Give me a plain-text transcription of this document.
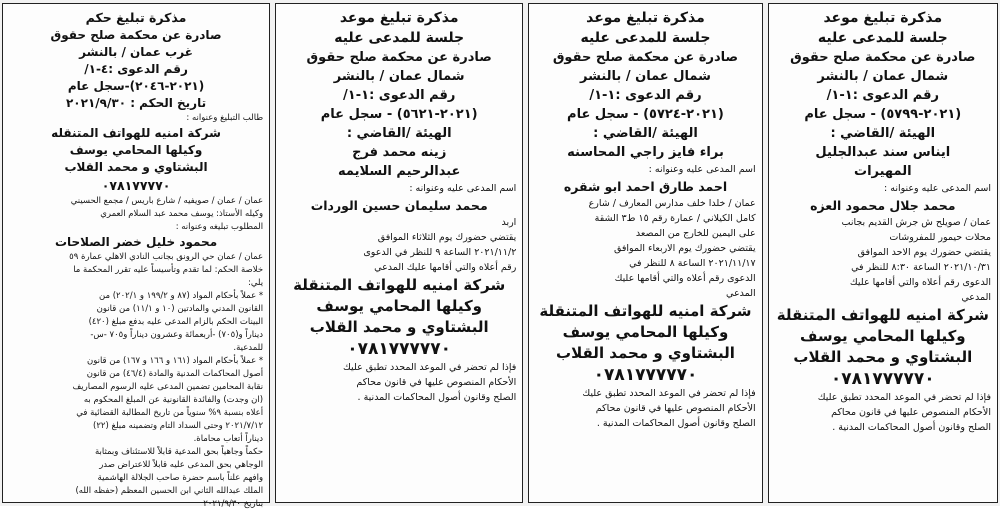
مذكرة تبليغ موعد
جلسة للمدعى عليه
صادرة عن محكمة صلح حقوق
شمال عمان / بالنشر
رقم الدعوى :١-١/
(٢٠٢١-٥٧٩٩) - سجل عام
الهيئة /القاضي :
ايناس سند عبدالجليل
المهيرات
اسم المدعى عليه وعنوانه :
محمد جلال محمود العزه
عمان / صويلح ش جرش القديم بجانب
محلات حيمور للمفروشات
يقتضي حضورك يوم الاحد الموافق
٢٠٢١/١٠/٣١ الساعة ٨:٣٠ للنظر في
الدعوى رقم أعلاه والتي أقامها عليك
المدعي
شركة امنيه للهواتف المتنقلة
وكيلها المحامي يوسف
البشتاوي و محمد القلاب
٠٧٨١٧٧٧٧٧٠
فإذا لم تحضر في الموعد المحدد تطبق عليك
الأحكام المنصوص عليها في قانون محاكم
الصلح وقانون أصول المحاكمات المدنية .
مذكرة تبليغ موعد
جلسة للمدعى عليه
صادرة عن محكمة صلح حقوق
شمال عمان / بالنشر
رقم الدعوى :١-١/
(٢٠٢١-٥٧٢٤) - سجل عام
الهيئة /القاضي :
براء فايز راجي المحاسنه
اسم المدعى عليه وعنوانه :
احمد طارق احمد ابو شقره
عمان / خلدا خلف مدارس المعارف / شارع
كامل الكيلاني / عمارة رقم ١٥ ط٣ الشقة
على اليمين للخارج من المصعد
يقتضي حضورك يوم الاربعاء الموافق
٢٠٢١/١١/١٧ الساعة ٨ للنظر في
الدعوى رقم أعلاه والتي أقامها عليك
المدعي
شركة امنيه للهواتف المتنقلة
وكيلها المحامي يوسف
البشتاوي و محمد القلاب
٠٧٨١٧٧٧٧٧٠
فإذا لم تحضر في الموعد المحدد تطبق عليك
الأحكام المنصوص عليها في قانون محاكم
الصلح وقانون أصول المحاكمات المدنية .
مذكرة تبليغ موعد
جلسة للمدعى عليه
صادرة عن محكمة صلح حقوق
شمال عمان / بالنشر
رقم الدعوى :١-١/
(٢٠٢١-٥٦٢١) - سجل عام
الهيئة /القاضي :
زينه محمد فرج
عبدالرحيم السلايمه
اسم المدعى عليه وعنوانه :
محمد سليمان حسين الوردات
اربد
يقتضي حضورك يوم الثلاثاء الموافق
٢٠٢١/١١/٢ الساعة ٩ للنظر في الدعوى
رقم أعلاه والتي أقامها عليك المدعي
شركة امنيه للهواتف المتنقلة
وكيلها المحامي يوسف
البشتاوي و محمد القلاب
٠٧٨١٧٧٧٧٧٠
فإذا لم تحضر في الموعد المحدد تطبق عليك
الأحكام المنصوص عليها في قانون محاكم
الصلح وقانون أصول المحاكمات المدنية .
مذكرة تبليغ حكم
صادرة عن محكمة صلح حقوق
غرب عمان / بالنشر
رقم الدعوى :٤-١/
(٢٠٢١-٢٠٤٦)-سجل عام
تاريخ الحكم : ٢٠٢١/٩/٣٠
طالب التبليغ وعنوانه :
شركة امنيه للهواتف المتنقله
وكيلها المحامي يوسف
البشتاوي و محمد القلاب
٠٧٨١٧٧٧٧٠
عمان / عمان / صويفيه / شارع باريس / مجمع الحسيني
وكيله الأستاذ: يوسف محمد عبد السلام العمري
المطلوب تبليغه وعنوانه :
محمود خليل خضر الصلاحات
عمان / عمان حي الرونق بجانب النادي الاهلي عمارة ٥٩
خلاصة الحكم: لما تقدم وتأسيساً عليه تقرر المحكمة ما
يلي:
* عملاً بأحكام المواد (٨٧ و ١٩٩/٢ و ٢٠٢/١) من
القانون المدني والمادتين (١٠ و ١١/١) من قانون
البينات الحكم بالزام المدعى عليه بدفع مبلغ (٤٢٠)
ديناراً و(٧٠٥) -أربعمائة وعشرون ديناراً و٧٠٥ -س-
للمدعية.
* عملاً بأحكام المواد (١٦١ و ١٦٦ و ١٦٧) من قانون
أصول المحاكمات المدنية والمادة (٤٦/٤) من قانون
نقابة المحامين تضمين المدعى عليه الرسوم المصاريف
(ان وجدت) والفائدة القانونية عن المبلغ المحكوم به
أعلاه بنسبة ٩% سنوياً من تاريخ المطالبة القضائية في
٢٠٢١/٧/١٢ وحتى السداد التام وتضمينه مبلغ (٢٢)
ديناراً أتعاب محاماة.
حكماً وجاهياً بحق المدعية قابلاً للاستئناف وبمثابة
الوجاهي بحق المدعى عليه قابلاً للاعتراض صدر
وافهم علناً باسم حضرة صاحب الجلالة الهاشمية
الملك عبدالله الثاني ابن الحسين المعظم (حفظه الله)
بتاريخ ٢٠٢١/٩/٣٠
